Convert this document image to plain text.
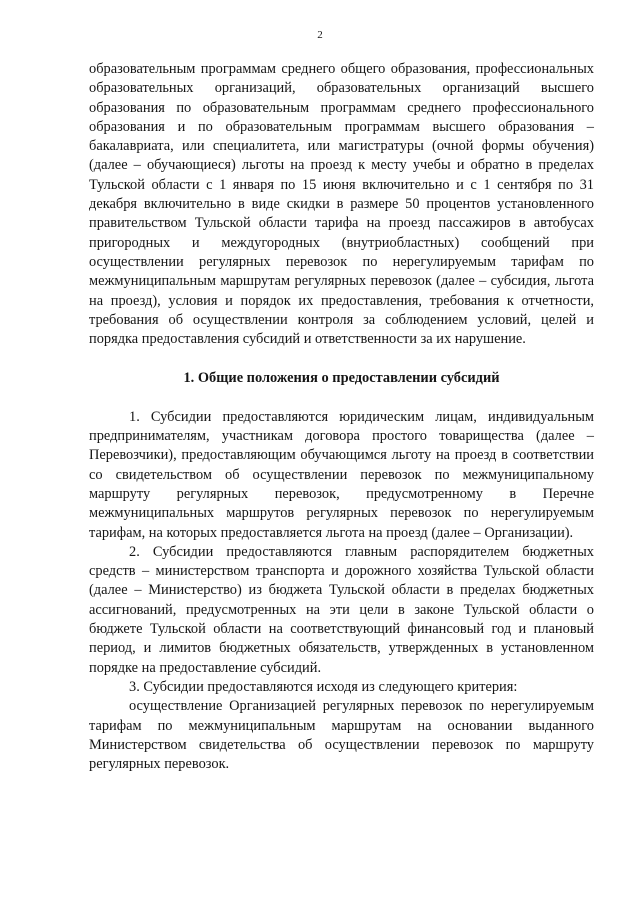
2

образовательным программам среднего общего образования, профессиональных образовательных организаций, образовательных организаций высшего образования по образовательным программам среднего профессионального образования и по образовательным программам высшего образования – бакалавриата, или специалитета, или магистратуры (очной формы обучения) (далее – обучающиеся) льготы на проезд к месту учебы и обратно в пределах Тульской области с 1 января по 15 июня включительно и с 1 сентября по 31 декабря включительно в виде скидки в размере 50 процентов установленного правительством Тульской области тарифа на проезд пассажиров в автобусах пригородных и междугородных (внутриобластных) сообщений при осуществлении регулярных перевозок по нерегулируемым тарифам по межмуниципальным маршрутам регулярных перевозок (далее – субсидия, льгота на проезд), условия и порядок их предоставления, требования к отчетности, требования об осуществлении контроля за соблюдением условий, целей и порядка предоставления субсидий и ответственности за их нарушение.

1. Общие положения о предоставлении субсидий

1. Субсидии предоставляются юридическим лицам, индивидуальным предпринимателям, участникам договора простого товарищества (далее – Перевозчики), предоставляющим обучающимся льготу на проезд в соответствии со свидетельством об осуществлении перевозок по межмуниципальному маршруту регулярных перевозок, предусмотренному в Перечне межмуниципальных маршрутов регулярных перевозок по нерегулируемым тарифам, на которых предоставляется льгота на проезд (далее – Организации).

2. Субсидии предоставляются главным распорядителем бюджетных средств – министерством транспорта и дорожного хозяйства Тульской области (далее – Министерство) из бюджета Тульской области в пределах бюджетных ассигнований, предусмотренных на эти цели в законе Тульской области о бюджете Тульской области на соответствующий финансовый год и плановый период, и лимитов бюджетных обязательств, утвержденных в установленном порядке на предоставление субсидий.

3. Субсидии предоставляются исходя из следующего критерия:

осуществление Организацией регулярных перевозок по нерегулируемым тарифам по межмуниципальным маршрутам на основании выданного Министерством свидетельства об осуществлении перевозок по маршруту регулярных перевозок.
